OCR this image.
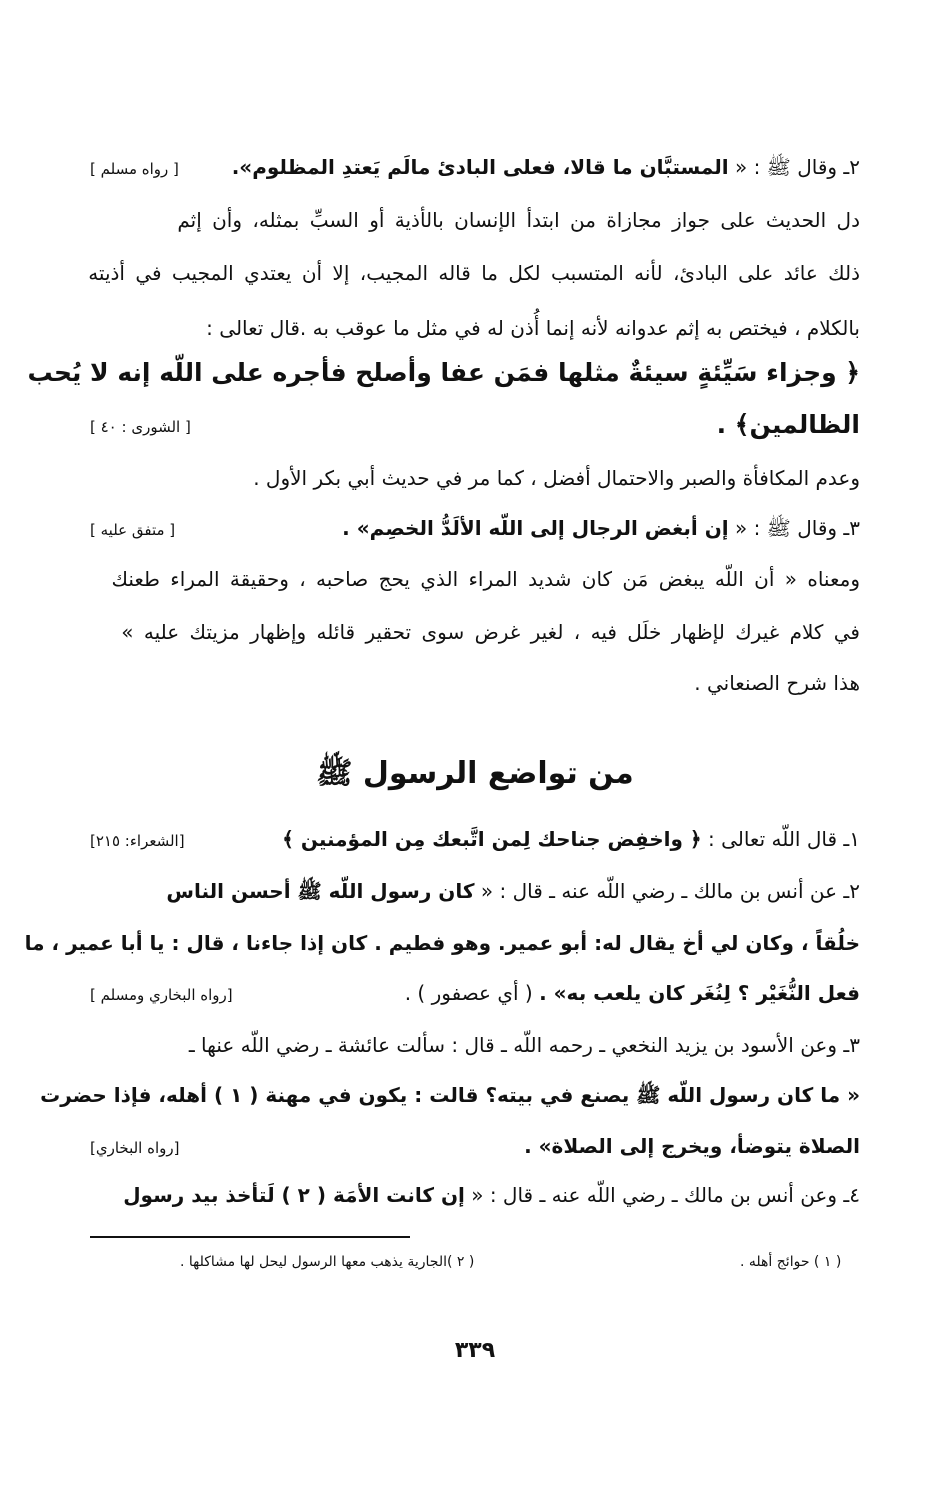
٢ـ وقال ﷺ : « المستبَّان ما قالا، فعلى البادئ مالَم يَعتدِ المظلوم».
[ رواه مسلم ]
دل الحديث على جواز مجازاة من ابتدأ الإنسان بالأذية أو السبِّ بمثله، وأن إثم
ذلك عائد على البادئ، لأنه المتسبب لكل ما قاله المجيب، إلا أن يعتدي المجيب في أذيته
بالكلام ، فيختص به إثم عدوانه لأنه إنما أُذن له في مثل ما عوقب به .قال تعالى :
﴿ وجزاء سَيِّئةٍ سيئةٌ مثلها فمَن عفا وأصلح فأجره على اللّه إنه لا يُحب
الظالمين﴾ .
[ الشورى : ٤٠ ]
وعدم المكافأة والصبر والاحتمال أفضل ، كما مر في حديث أبي بكر الأول .
٣ـ وقال ﷺ : « إن أبغض الرجال إلى اللّه الألَدُّ الخصِم» .
[ متفق عليه ]
ومعناه « أن اللّه يبغض مَن كان شديد المراء الذي يحج صاحبه ، وحقيقة المراء طعنك
في كلام غيرك لإظهار خلَل فيه ، لغير غرض سوى تحقير قائله وإظهار مزيتك عليه »
هذا شرح الصنعاني .
من تواضع الرسول ﷺ
١ـ قال اللّه تعالى : ﴿ واخفِض جناحك لِمن اتَّبعك مِن المؤمنين ﴾
[الشعراء: ٢١٥]
٢ـ عن أنس بن مالك ـ رضي اللّه عنه ـ قال : « كان رسول اللّه ﷺ أحسن الناس
خلُقاً ، وكان لي أخ يقال له: أبو عمير. وهو فطيم . كان إذا جاءنا ، قال : يا أبا عمير ، ما
فعل النُّغَيْر ؟ لِنُغَر كان يلعب به» . ( أي عصفور ) .
[رواه البخاري ومسلم ]
٣ـ وعن الأسود بن يزيد النخعي ـ رحمه اللّه ـ قال : سألت عائشة ـ رضي اللّه عنها ـ
« ما كان رسول اللّه ﷺ يصنع في بيته؟ قالت : يكون في مهنة ( ١ ) أهله، فإذا حضرت
الصلاة يتوضأ، ويخرج إلى الصلاة» .
[رواه البخاري]
٤ـ وعن أنس بن مالك ـ رضي اللّه عنه ـ قال : « إن كانت الأمَة ( ٢ ) لَتأخذ بيد رسول
( ١ ) حوائج أهله .
( ٢ )الجارية يذهب معها الرسول ليحل لها مشاكلها .
٣٣٩
